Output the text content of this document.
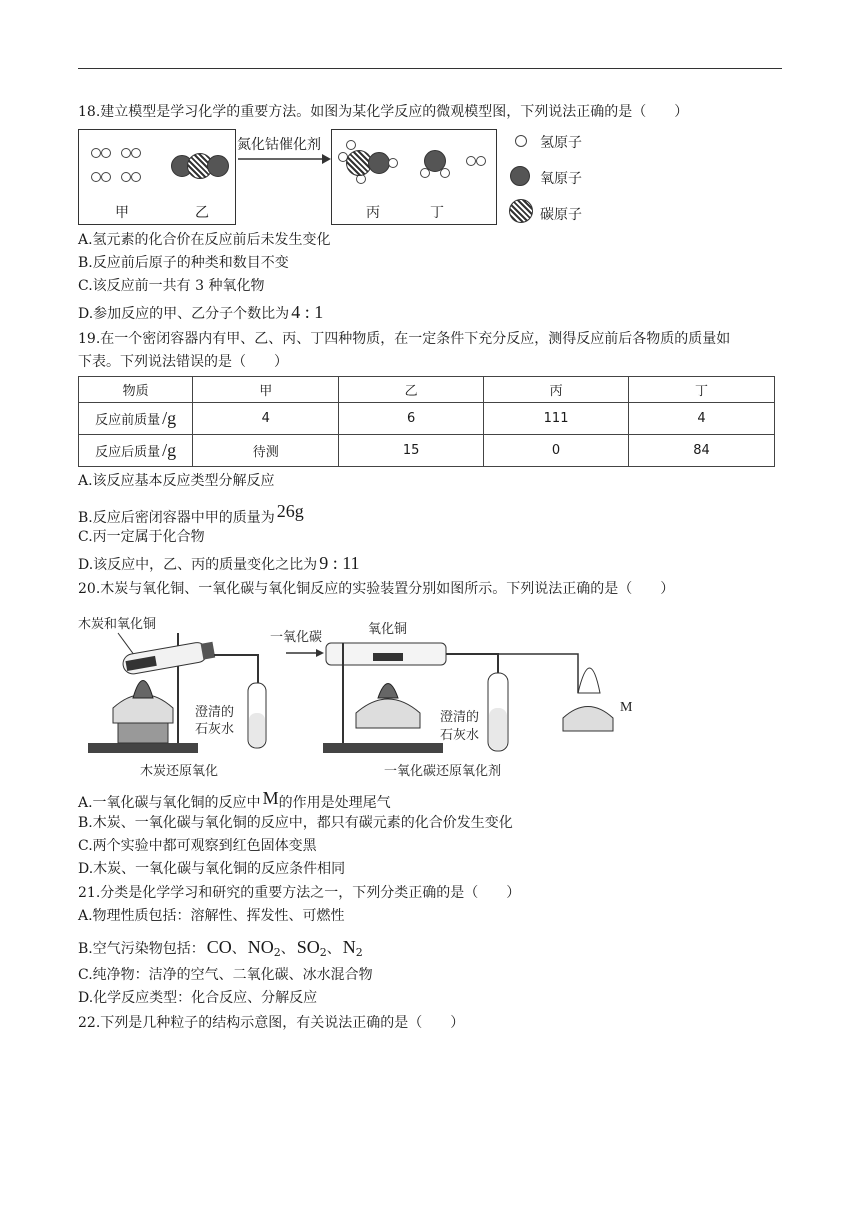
18.建立模型是学习化学的重要方法。如图为某化学反应的微观模型图，下列说法正确的是（　　）
甲	乙
氮化钴催化剂
丙	丁
氢原子
氧原子
碳原子
A.氢元素的化合价在反应前后未发生变化
B.反应前后原子的种类和数目不变
C.该反应前一共有 3 种氧化物
D.参加反应的甲、乙分子个数比为 4 : 1
19.在一个密闭容器内有甲、乙、丙、丁四种物质，在一定条件下充分反应，测得反应前后各物质的质量如
下表。下列说法错误的是（　　）
物质	甲	乙	丙	丁
反应前质量 /g	4	6	111	4
反应后质量 /g	待测	15	0	84
A.该反应基本反应类型分解反应
B.反应后密闭容器中甲的质量为 26g
C.丙一定属于化合物
D.该反应中，乙、丙的质量变化之比为 9 : 11
20.木炭与氧化铜、一氧化碳与氧化铜反应的实验装置分别如图所示。下列说法正确的是（　　）
木炭和氧化铜
澄清的
石灰水
木炭还原氧化
一氧化碳
氧化铜
澄清的
石灰水
M
一氧化碳还原氧化剂
A.一氧化碳与氧化铜的反应中 M的作用是处理尾气
B.木炭、一氧化碳与氧化铜的反应中，都只有碳元素的化合价发生变化
C.两个实验中都可观察到红色固体变黑
D.木炭、一氧化碳与氧化铜的反应条件相同
21.分类是化学学习和研究的重要方法之一，下列分类正确的是（　　）
A.物理性质包括：溶解性、挥发性、可燃性
B.空气污染物包括： CO、 $NO_2$、 $SO_2$、 $N_2$
C.纯净物：洁净的空气、二氧化碳、冰水混合物
D.化学反应类型：化合反应、分解反应
22.下列是几种粒子的结构示意图，有关说法正确的是（　　）
